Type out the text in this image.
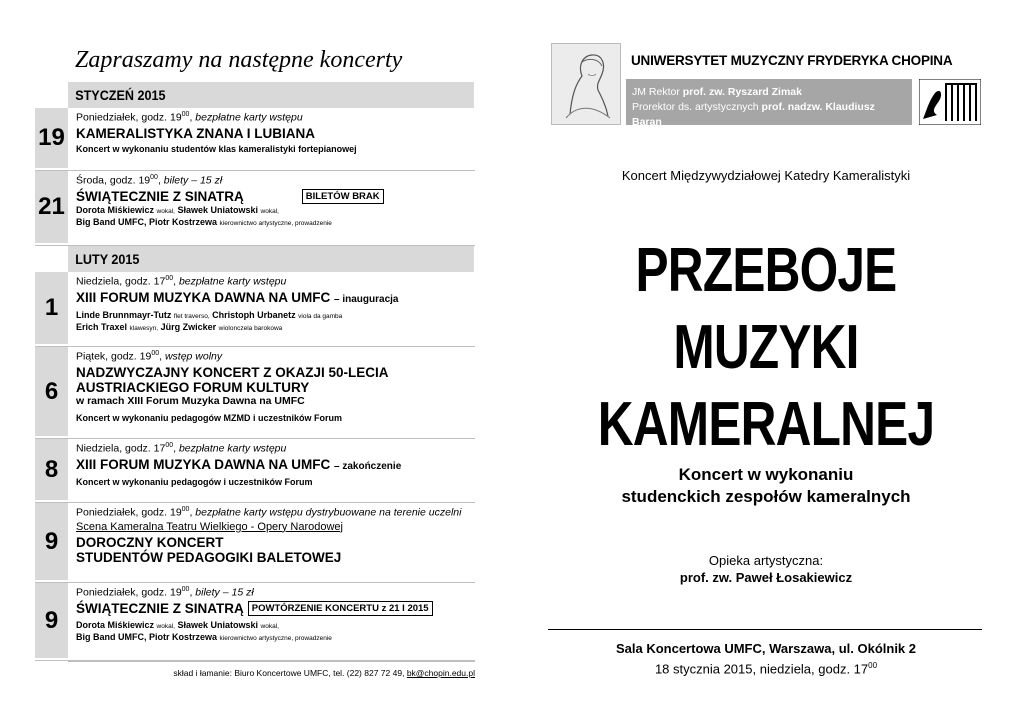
Zapraszamy na następne koncerty
STYCZEŃ 2015
19
Poniedziałek, godz. $19^{00}$, bezpłatne karty wstępu
KAMERALISTYKA ZNANA I LUBIANA
Koncert w wykonaniu studentów klas kameralistyki fortepianowej
21
Środa, godz. $19^{00}$, bilety – 15 zł
ŚWIĄTECZNIE Z SINATRĄ	BILETÓW BRAK
Dorota Miśkiewicz wokal, Sławek Uniatowski wokal,
Big Band UMFC, Piotr Kostrzewa kierownictwo artystyczne, prowadzenie
LUTY 2015
1
Niedziela, godz. $17^{00}$, bezpłatne karty wstępu
XIII FORUM MUZYKA DAWNA NA UMFC – inauguracja
Linde Brunnmayr-Tutz flet traverso, Christoph Urbanetz viola da gamba
Erich Traxel klawesyn, Jürg Zwicker wiolonczela barokowa
6
Piątek, godz. $19^{00}$, wstęp wolny
NADZWYCZAJNY KONCERT Z OKAZJI 50-LECIA
AUSTRIACKIEGO FORUM KULTURY
w ramach XIII Forum Muzyka Dawna na UMFC
Koncert w wykonaniu pedagogów MZMD i uczestników Forum
8
Niedziela, godz. $17^{00}$, bezpłatne karty wstępu
XIII FORUM MUZYKA DAWNA NA UMFC – zakończenie
Koncert w wykonaniu pedagogów i uczestników Forum
9
Poniedziałek, godz. $19^{00}$, bezpłatne karty wstępu dystrybuowane na terenie uczelni
Scena Kameralna Teatru Wielkiego - Opery Narodowej
DOROCZNY KONCERT
STUDENTÓW PEDAGOGIKI BALETOWEJ
9
Poniedziałek, godz. $19^{00}$, bilety – 15 zł
ŚWIĄTECZNIE Z SINATRĄ POWTÓRZENIE KONCERTU z 21 I 2015
Dorota Miśkiewicz wokal, Sławek Uniatowski wokal,
Big Band UMFC, Piotr Kostrzewa kierownictwo artystyczne, prowadzenie
skład i łamanie: Biuro Koncertowe UMFC, tel. (22) 827 72 49, bk@chopin.edu.pl
UNIWERSYTET MUZYCZNY FRYDERYKA CHOPINA
JM Rektor prof. zw. Ryszard Zimak
Prorektor ds. artystycznych prof. nadzw. Klaudiusz Baran
Koncert Międzywydziałowej Katedry Kameralistyki
PRZEBOJE
MUZYKI
KAMERALNEJ
Koncert w wykonaniu
studenckich zespołów kameralnych
Opieka artystyczna:
prof. zw. Paweł Łosakiewicz
Sala Koncertowa UMFC, Warszawa, ul. Okólnik 2
18 stycznia 2015, niedziela, godz. $17^{00}$
